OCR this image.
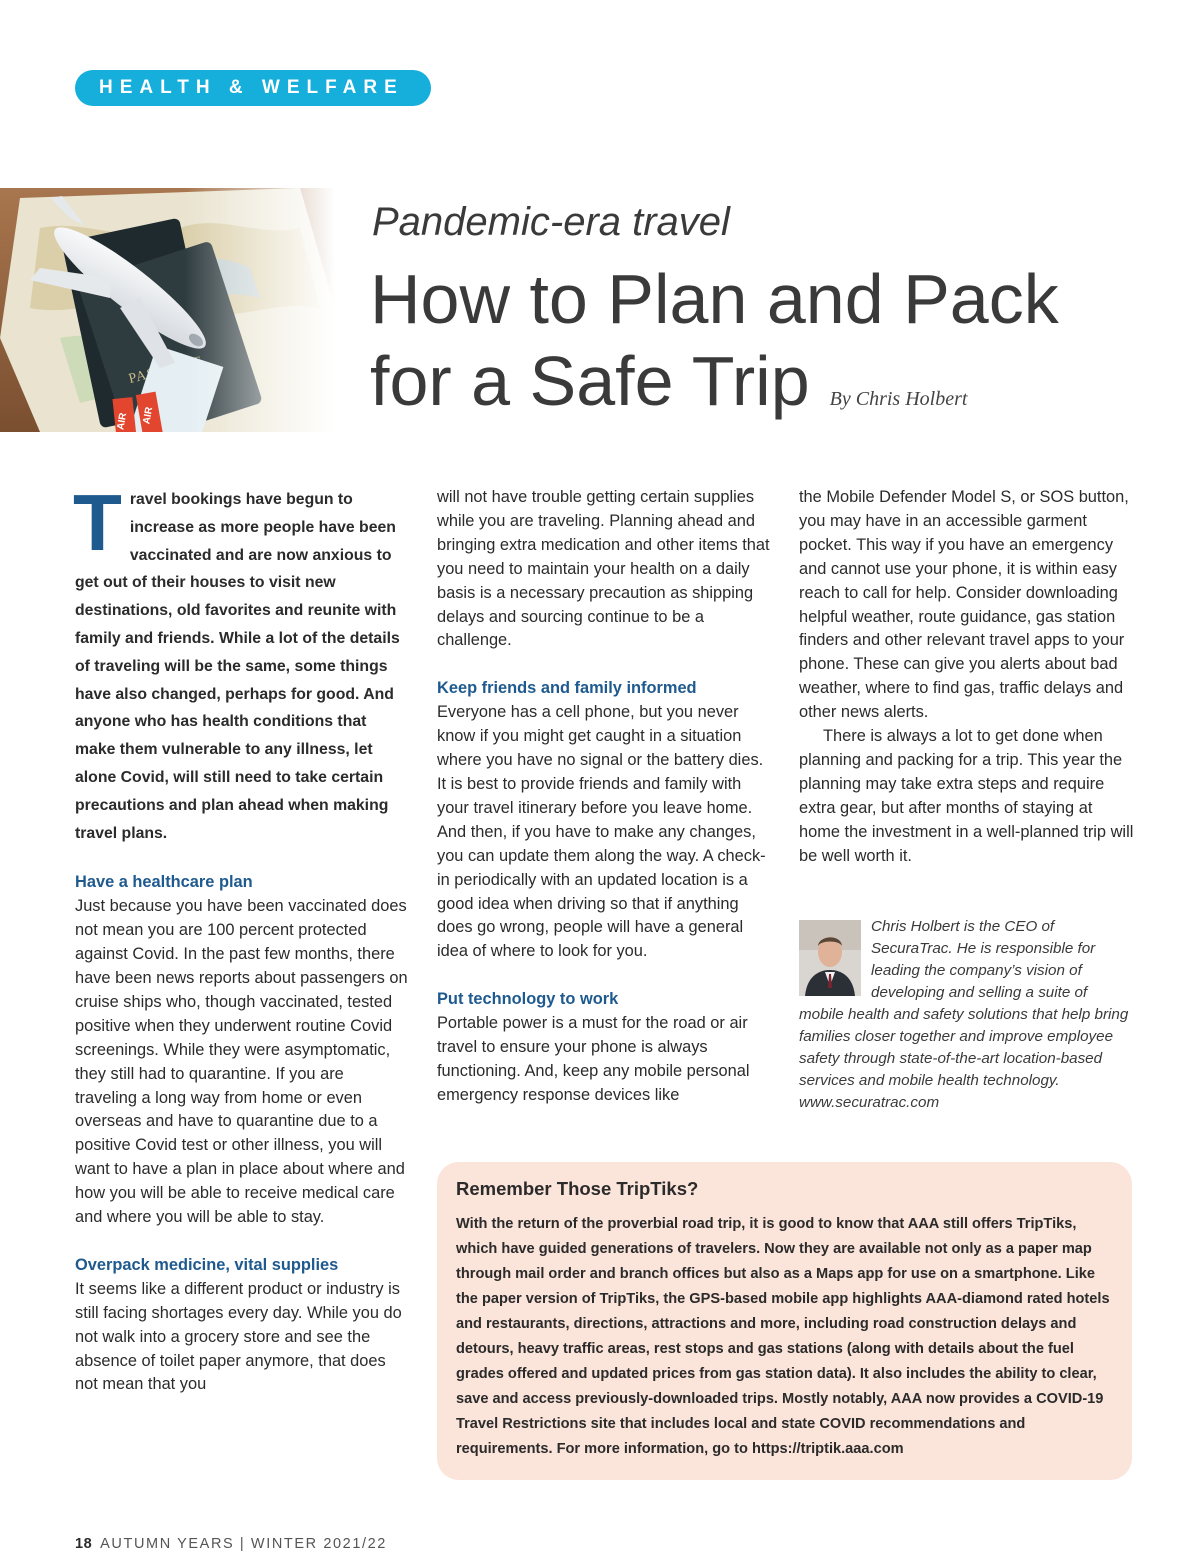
HEALTH & WELFARE
Pandemic-era travel
How to Plan and Pack
for a Safe Trip By Chris Holbert

Travel bookings have begun to increase as more people have been vaccinated and are now anxious to get out of their houses to visit new destinations, old favorites and reunite with family and friends. While a lot of the details of traveling will be the same, some things have also changed, perhaps for good. And anyone who has health conditions that make them vulnerable to any illness, let alone Covid, will still need to take certain precautions and plan ahead when making travel plans.

Have a healthcare plan

Just because you have been vaccinated does not mean you are 100 percent protected against Covid. In the past few months, there have been news reports about passengers on cruise ships who, though vaccinated, tested positive when they underwent routine Covid screenings. While they were asymptomatic, they still had to quarantine. If you are traveling a long way from home or even overseas and have to quarantine due to a positive Covid test or other illness, you will want to have a plan in place about where and how you will be able to receive medical care and where you will be able to stay.

Overpack medicine, vital supplies

It seems like a different product or industry is still facing shortages every day. While you do not walk into a grocery store and see the absence of toilet paper anymore, that does not mean that you

will not have trouble getting certain supplies while you are traveling. Planning ahead and bringing extra medication and other items that you need to maintain your health on a daily basis is a necessary precaution as shipping delays and sourcing continue to be a challenge.

Keep friends and family informed

Everyone has a cell phone, but you never know if you might get caught in a situation where you have no signal or the battery dies. It is best to provide friends and family with your travel itinerary before you leave home. And then, if you have to make any changes, you can update them along the way. A check-in periodically with an updated location is a good idea when driving so that if anything does go wrong, people will have a general idea of where to look for you.

Put technology to work

Portable power is a must for the road or air travel to ensure your phone is always functioning. And, keep any mobile personal emergency response devices like

the Mobile Defender Model S, or SOS button, you may have in an accessible garment pocket. This way if you have an emergency and cannot use your phone, it is within easy reach to call for help. Consider downloading helpful weather, route guidance, gas station finders and other relevant travel apps to your phone. These can give you alerts about bad weather, where to find gas, traffic delays and other news alerts.

There is always a lot to get done when planning and packing for a trip. This year the planning may take extra steps and require extra gear, but after months of staying at home the investment in a well-planned trip will be well worth it.

Chris Holbert is the CEO of SecuraTrac. He is responsible for leading the company’s vision of developing and selling a suite of mobile health and safety solutions that help bring families closer together and improve employee safety through state-of-the-art location-based services and mobile health technology.

www.securatrac.com

Remember Those TripTiks?

With the return of the proverbial road trip, it is good to know that AAA still offers TripTiks, which have guided generations of travelers. Now they are available not only as a paper map through mail order and branch offices but also as a Maps app for use on a smartphone. Like the paper version of TripTiks, the GPS-based mobile app highlights AAA-diamond rated hotels and restaurants, directions, attractions and more, including road construction delays and detours, heavy traffic areas, rest stops and gas stations (along with details about the fuel grades offered and updated prices from gas station data). It also includes the ability to clear, save and access previously-downloaded trips. Mostly notably, AAA now provides a COVID-19 Travel Restrictions site that includes local and state COVID recommendations and requirements. For more information, go to https://triptik.aaa.com

18 AUTUMN YEARS | WINTER 2021/22
